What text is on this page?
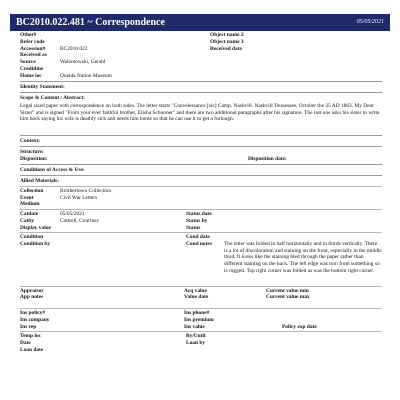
BC2010.022.481 ~ Correspondence	05/05/2021
Other#
Refer code
Accession#	BC2010.022
Received as
Source	Walentowski, Gerald
Creditline
Home loc	Oneida Nation Museum
Object name 2
Object name 3
Received date
Identity Statement:
Scope & Content / Abstract:
Legal sized paper with correspondence on both sides. The letter starts "Convelessance [sic] Camp. Nashvill. Nashvill Tennessee, October the 25 AD 1863. My Dear Sister" and is signed "From your ever faithful brother, Elisha Schooner" and there are two additional paragraphs after his signature. The last one asks his sister to write him back saying his wife is deathly sick and needs him home so that he can use it to get a furlough.
Context:
Structure:
Disposition:	Disposition date:
Conditions of Access & Use:
Allied Materials:
Collection	Brothertown Collection
Event	Civil War Letters
Medium
Catdate	05/05/2021
Catby	Cottrell, Courtney
Display value
Status date
Status by
Status
Condition
Condition by
Cond date
Cond notes	The letter was folded in half horizontally and in thirds vertically. There is a lot of discoloration and staining on the front, especially in the middle third. It looks like the staining bled through the paper rather than different staining on the back. The left edge was torn from something so is rugged. Top right corner was folded as was the bottom right corner.
Appraisor
App notes
Acq value
Value date
Current value min
Current value max
Ins policy#
Ins company
Ins rep
Ins phone#
Ins premium
Ins value	Policy exp date
Temp loc
Date
Loan date
By/Until
Loan by
